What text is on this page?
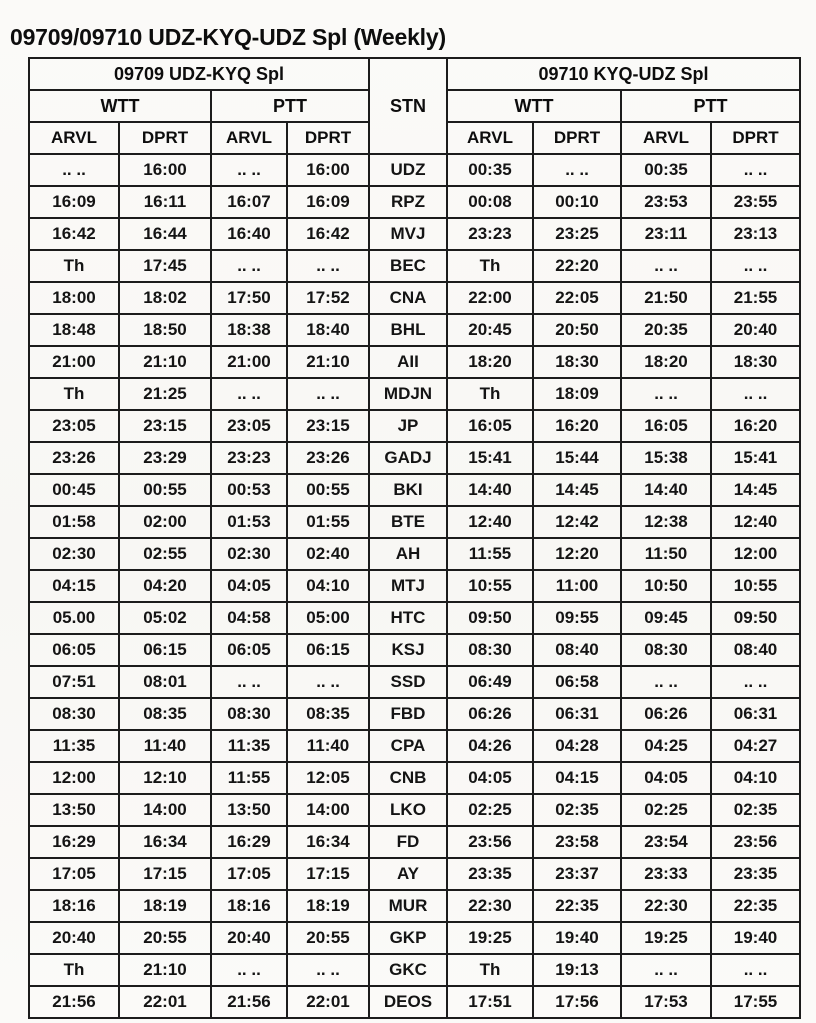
09709/09710 UDZ-KYQ-UDZ Spl (Weekly)
09709 UDZ-KYQ Spl				STN	09710 KYQ-UDZ Spl			
WTT		PTT			WTT		PTT	
ARVL	DPRT	ARVL	DPRT		ARVL	DPRT	ARVL	DPRT
.. ..	16:00	.. ..	16:00	UDZ	00:35	.. ..	00:35	.. ..
16:09	16:11	16:07	16:09	RPZ	00:08	00:10	23:53	23:55
16:42	16:44	16:40	16:42	MVJ	23:23	23:25	23:11	23:13
Th	17:45	.. ..	.. ..	BEC	Th	22:20	.. ..	.. ..
18:00	18:02	17:50	17:52	CNA	22:00	22:05	21:50	21:55
18:48	18:50	18:38	18:40	BHL	20:45	20:50	20:35	20:40
21:00	21:10	21:00	21:10	AII	18:20	18:30	18:20	18:30
Th	21:25	.. ..	.. ..	MDJN	Th	18:09	.. ..	.. ..
23:05	23:15	23:05	23:15	JP	16:05	16:20	16:05	16:20
23:26	23:29	23:23	23:26	GADJ	15:41	15:44	15:38	15:41
00:45	00:55	00:53	00:55	BKI	14:40	14:45	14:40	14:45
01:58	02:00	01:53	01:55	BTE	12:40	12:42	12:38	12:40
02:30	02:55	02:30	02:40	AH	11:55	12:20	11:50	12:00
04:15	04:20	04:05	04:10	MTJ	10:55	11:00	10:50	10:55
05.00	05:02	04:58	05:00	HTC	09:50	09:55	09:45	09:50
06:05	06:15	06:05	06:15	KSJ	08:30	08:40	08:30	08:40
07:51	08:01	.. ..	.. ..	SSD	06:49	06:58	.. ..	.. ..
08:30	08:35	08:30	08:35	FBD	06:26	06:31	06:26	06:31
11:35	11:40	11:35	11:40	CPA	04:26	04:28	04:25	04:27
12:00	12:10	11:55	12:05	CNB	04:05	04:15	04:05	04:10
13:50	14:00	13:50	14:00	LKO	02:25	02:35	02:25	02:35
16:29	16:34	16:29	16:34	FD	23:56	23:58	23:54	23:56
17:05	17:15	17:05	17:15	AY	23:35	23:37	23:33	23:35
18:16	18:19	18:16	18:19	MUR	22:30	22:35	22:30	22:35
20:40	20:55	20:40	20:55	GKP	19:25	19:40	19:25	19:40
Th	21:10	.. ..	.. ..	GKC	Th	19:13	.. ..	.. ..
21:56	22:01	21:56	22:01	DEOS	17:51	17:56	17:53	17:55
